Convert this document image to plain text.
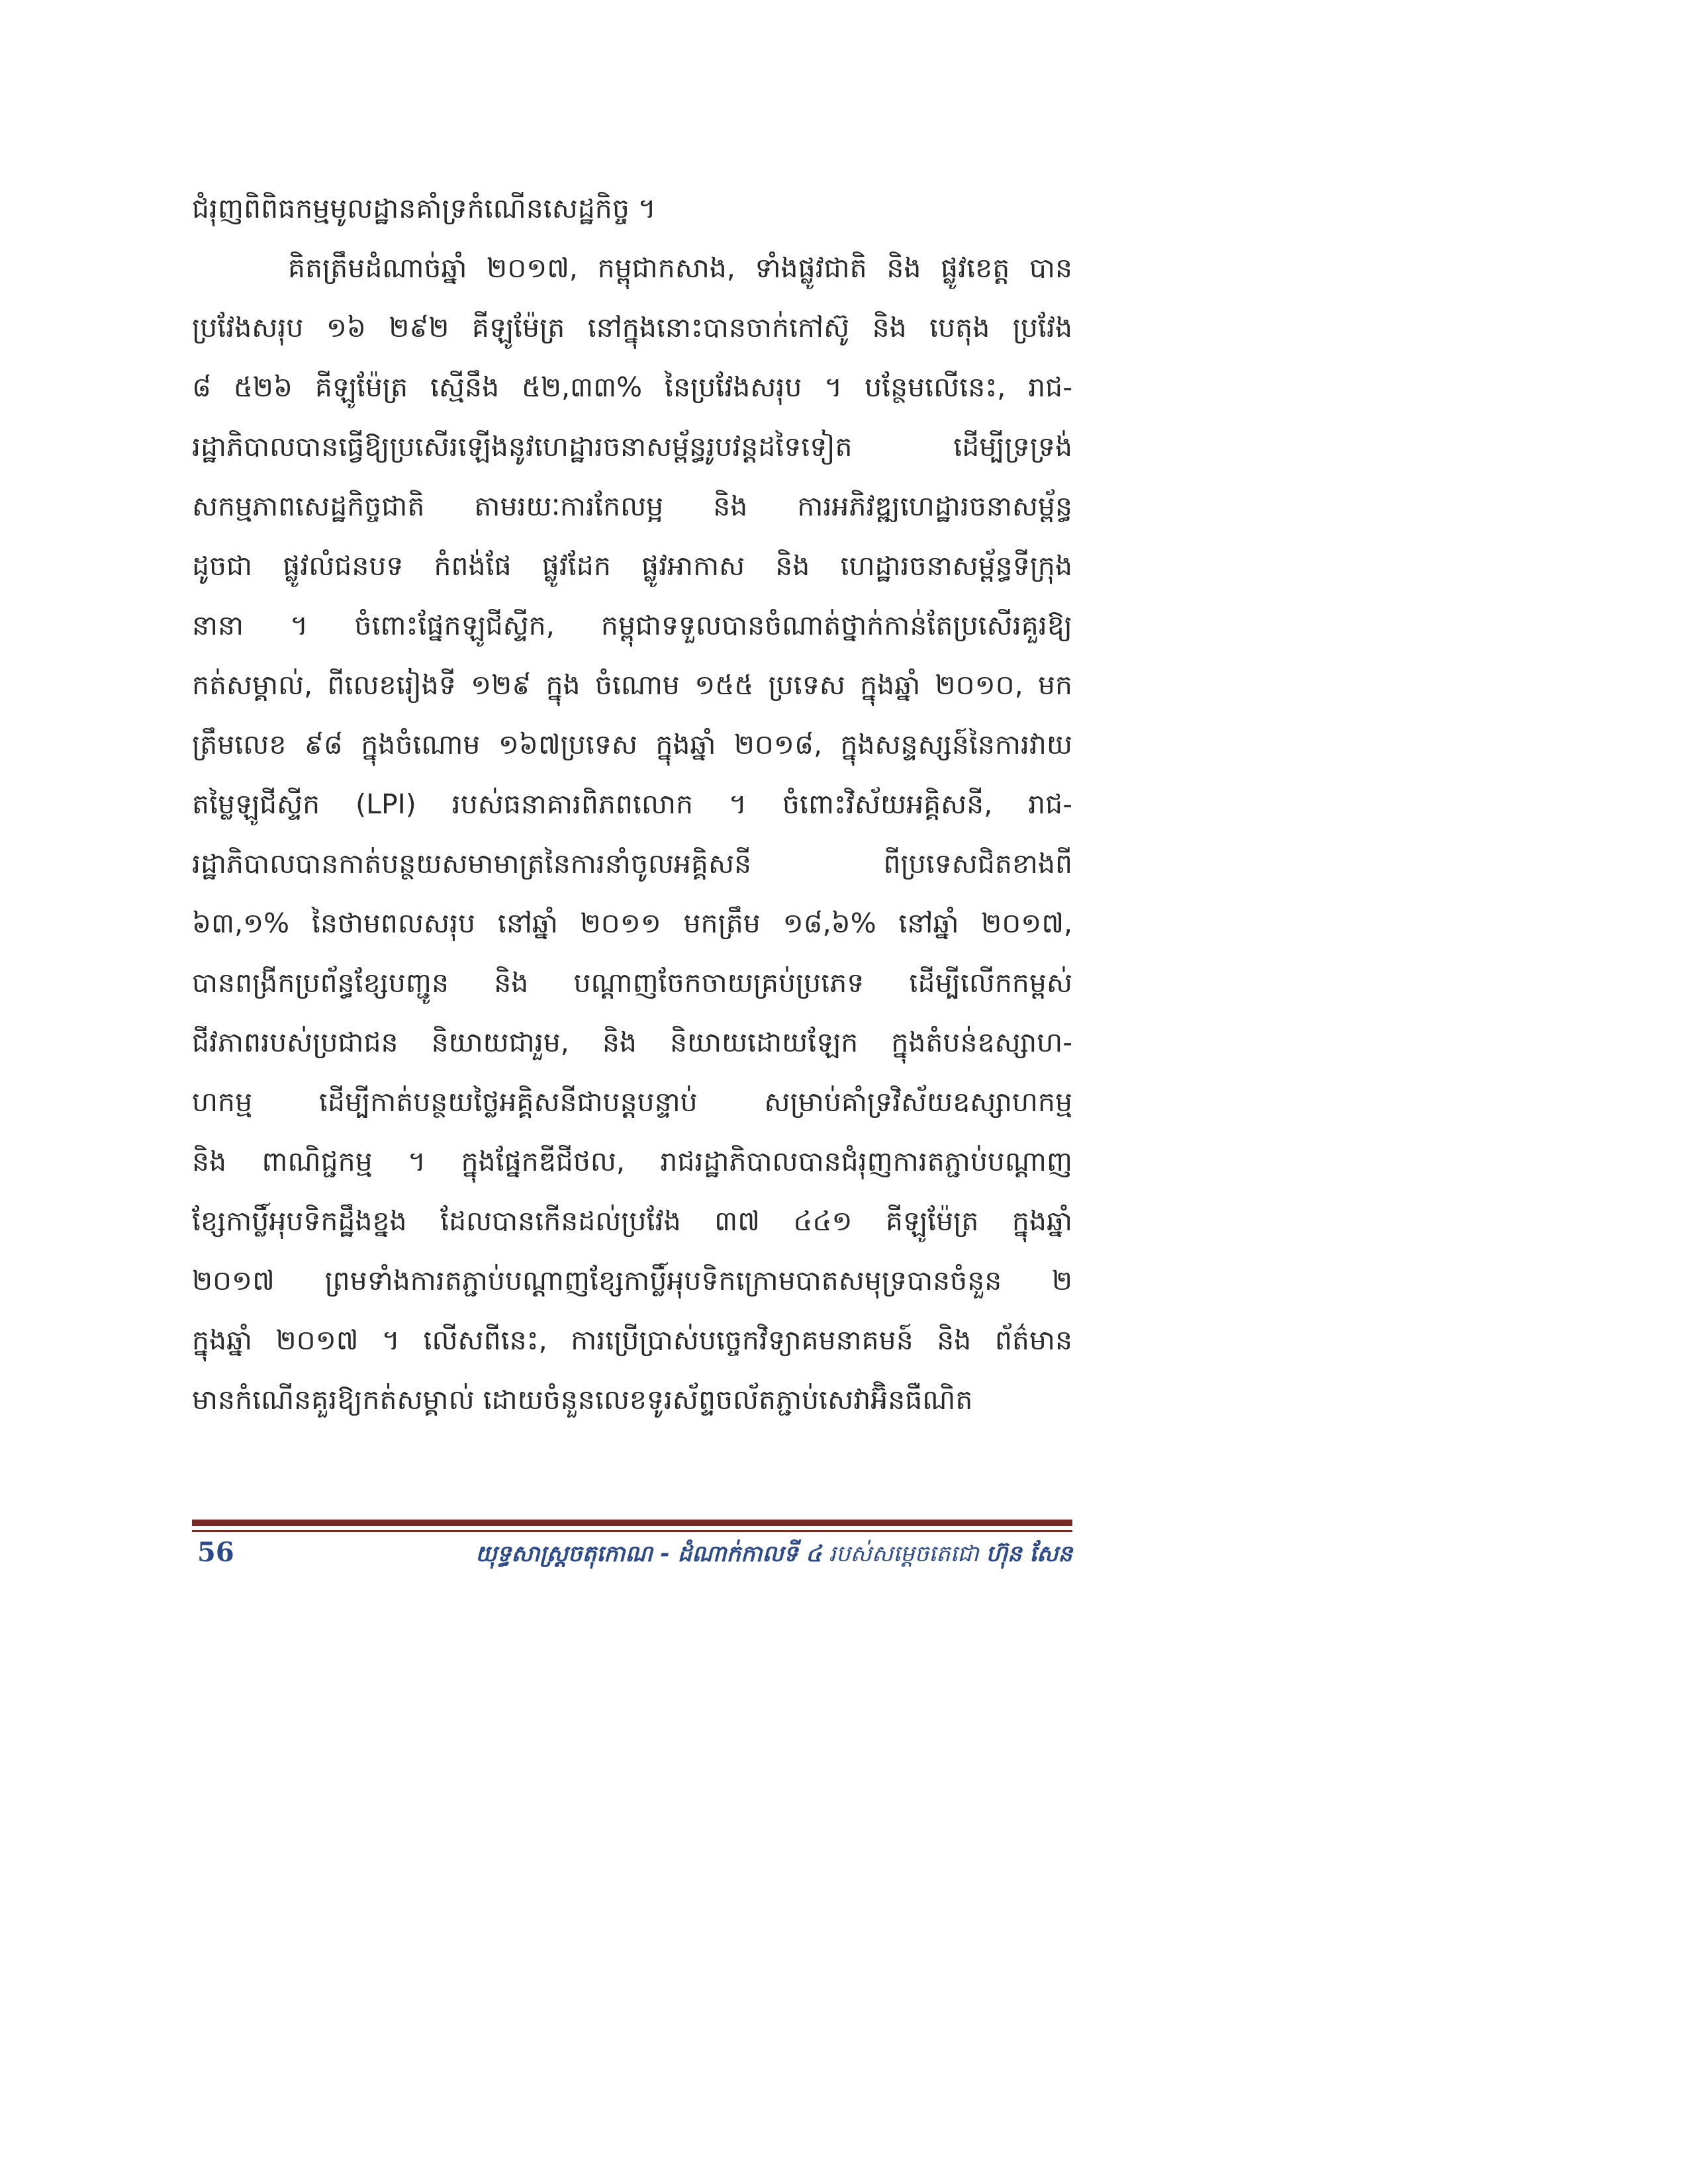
ជំរុញពិពិធកម្មមូលដ្ឋានគាំទ្រកំណើនសេដ្ឋកិច្ច ។
គិតត្រឹមដំណាច់ឆ្នាំ ២០១៧, កម្ពុជាកសាង, ទាំងផ្លូវជាតិ និង ផ្លូវខេត្ត បាន
ប្រវែងសរុប ១៦ ២៩២ គីឡូម៉ែត្រ នៅក្នុងនោះបានចាក់កៅស៊ូ និង បេតុង ប្រវែង
៨ ៥២៦ គីឡូម៉ែត្រ ស្មើនឹង ៥២,៣៣% នៃប្រវែងសរុប ។ បន្ថែមលើនេះ, រាជ-
រដ្ឋាភិបាលបានធ្វើឱ្យប្រសើរឡើងនូវហេដ្ឋារចនាសម្ព័ន្ធរូបវន្តដទៃទៀត ដើម្បីទ្រទ្រង់
សកម្មភាពសេដ្ឋកិច្ចជាតិ តាមរយៈការកែលម្អ និង ការអភិវឌ្ឍហេដ្ឋារចនាសម្ព័ន្ធ
ដូចជា ផ្លូវលំជនបទ កំពង់ផែ ផ្លូវដែក ផ្លូវអាកាស និង ហេដ្ឋារចនាសម្ព័ន្ធទីក្រុង
នានា ។ ចំពោះផ្នែកឡូជីស្ទីក, កម្ពុជាទទួលបានចំណាត់ថ្នាក់កាន់តែប្រសើរគួរឱ្យ
កត់សម្គាល់, ពីលេខរៀងទី ១២៩ ក្នុង ចំណោម ១៥៥ ប្រទេស ក្នុងឆ្នាំ ២០១០, មក
ត្រឹមលេខ ៩៨ ក្នុងចំណោម ១៦៧ប្រទេស ក្នុងឆ្នាំ ២០១៨, ក្នុងសន្ទស្សន៍នៃការវាយ
តម្លៃឡូជីស្ទីក (LPI) របស់ធនាគារពិភពលោក ។ ចំពោះវិស័យអគ្គិសនី, រាជ-
រដ្ឋាភិបាលបានកាត់បន្ថយសមាមាត្រនៃការនាំចូលអគ្គិសនី ពីប្រទេសជិតខាងពី
៦៣,១% នៃថាមពលសរុប នៅឆ្នាំ ២០១១ មកត្រឹម ១៨,៦% នៅឆ្នាំ ២០១៧,
បានពង្រីកប្រព័ន្ធខ្សែបញ្ជូន និង បណ្តាញចែកចាយគ្រប់ប្រភេទ ដើម្បីលើកកម្ពស់
ជីវភាពរបស់ប្រជាជន និយាយជារួម, និង និយាយដោយឡែក ក្នុងតំបន់ឧស្សាហ-
ហកម្ម ដើម្បីកាត់បន្ថយថ្លៃអគ្គិសនីជាបន្តបន្ទាប់ សម្រាប់គាំទ្រវិស័យឧស្សាហកម្ម
និង ពាណិជ្ជកម្ម ។ ក្នុងផ្នែកឌីជីថល, រាជរដ្ឋាភិបាលបានជំរុញការតភ្ជាប់បណ្តាញ
ខ្សែកាប្លិ៍អុបទិកដ្ឋឹងខ្នង ដែលបានកើនដល់ប្រវែង ៣៧ ៤៤១ គីឡូម៉ែត្រ ក្នុងឆ្នាំ
២០១៧ ព្រមទាំងការតភ្ជាប់បណ្តាញខ្សែកាប្លិ៍អុបទិកក្រោមបាតសមុទ្របានចំនួន ២
ក្នុងឆ្នាំ ២០១៧ ។ លើសពីនេះ, ការប្រើប្រាស់បច្ចេកវិទ្យាគមនាគមន៍ និង ព័ត៌មាន
មានកំណើនគួរឱ្យកត់សម្គាល់ ដោយចំនួនលេខទូរស័ព្ទចល័តភ្ជាប់សេវាអ៊ិនធឺណិត
56	យុទ្ធសាស្ត្រចតុកោណ - ដំណាក់កាលទី ៤ របស់សម្តេចតេជោ ហ៊ុន សែន
